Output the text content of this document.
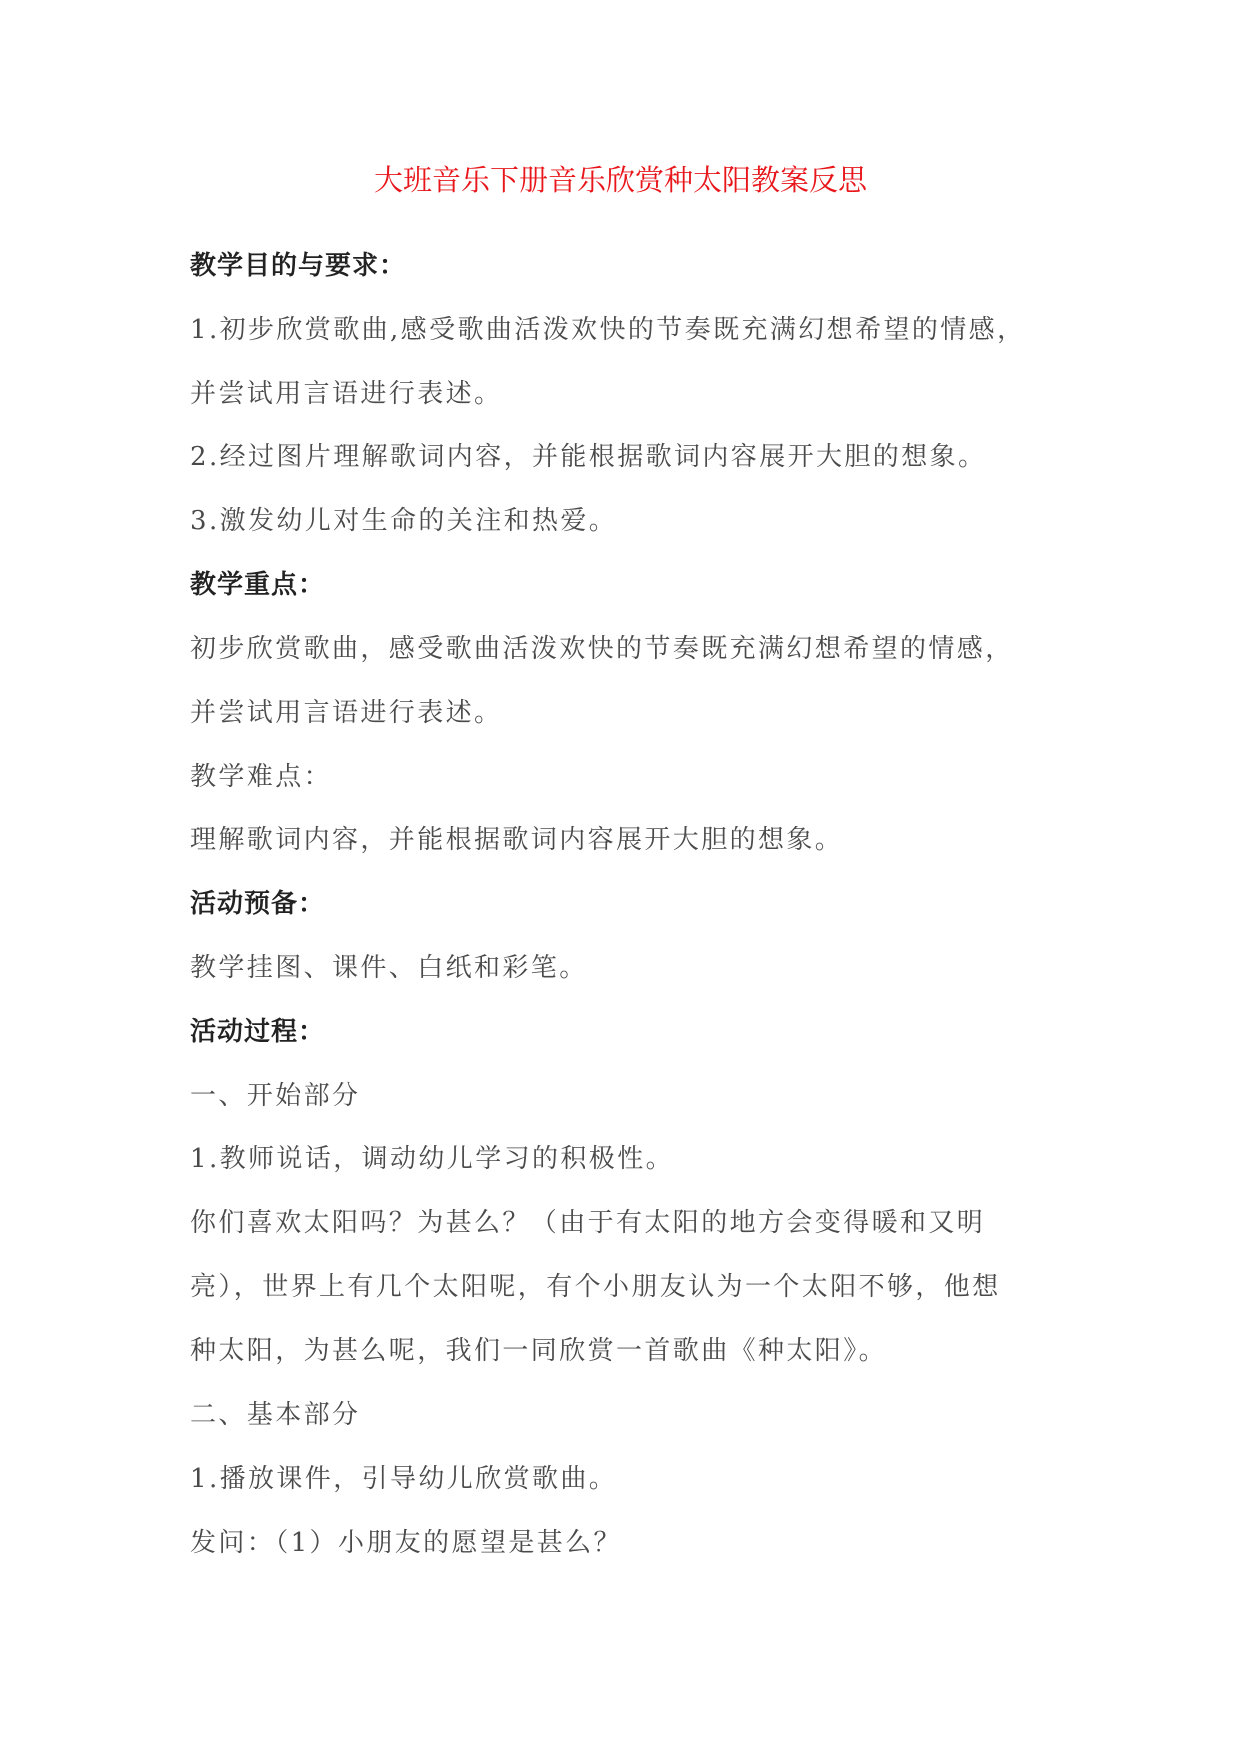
大班音乐下册音乐欣赏种太阳教案反思

教学目的与要求：

1.初步欣赏歌曲,感受歌曲活泼欢快的节奏既充满幻想希望的情感，

并尝试用言语进行表述。

2.经过图片理解歌词内容，并能根据歌词内容展开大胆的想象。

3.激发幼儿对生命的关注和热爱。

教学重点：

初步欣赏歌曲，感受歌曲活泼欢快的节奏既充满幻想希望的情感，

并尝试用言语进行表述。

教学难点：

理解歌词内容，并能根据歌词内容展开大胆的想象。

活动预备：

教学挂图、课件、白纸和彩笔。

活动过程：

一、开始部分

1.教师说话，调动幼儿学习的积极性。

你们喜欢太阳吗？为甚么？（由于有太阳的地方会变得暖和又明

亮），世界上有几个太阳呢，有个小朋友认为一个太阳不够，他想

种太阳，为甚么呢，我们一同欣赏一首歌曲《种太阳》。

二、基本部分

1.播放课件，引导幼儿欣赏歌曲。

发问：（1）小朋友的愿望是甚么？
